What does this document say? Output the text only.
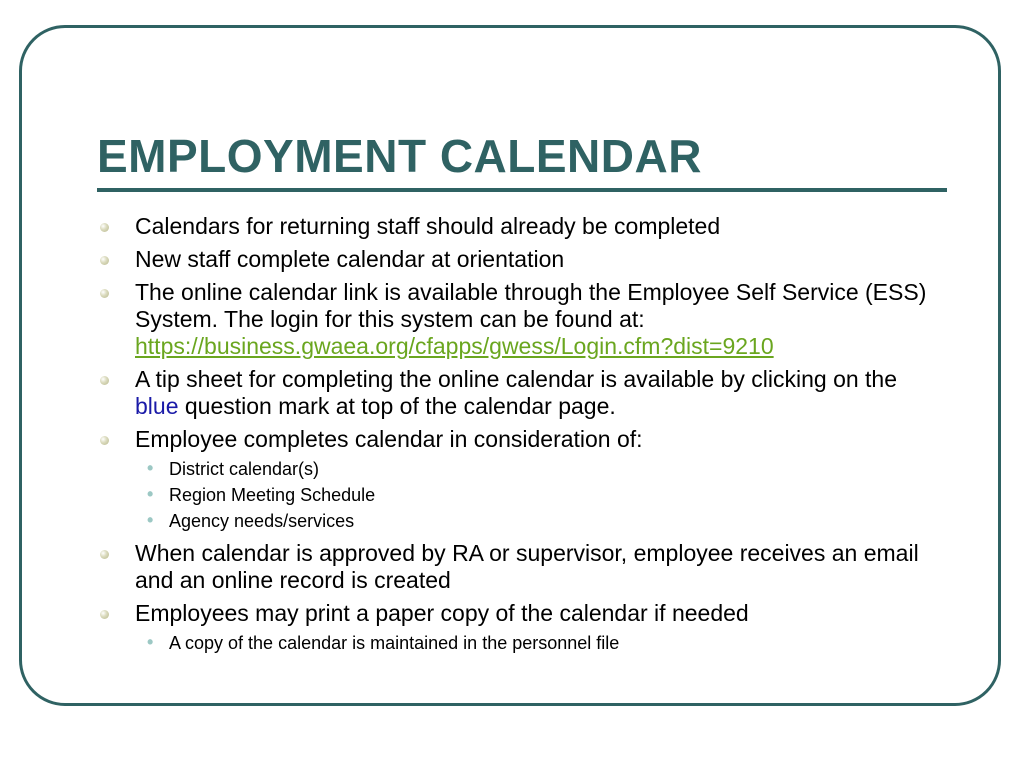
EMPLOYMENT CALENDAR
Calendars for returning staff should already be completed
New staff complete calendar at orientation
The online calendar link is available through the Employee Self Service (ESS) System. The login for this system can be found at: https://business.gwaea.org/cfapps/gwess/Login.cfm?dist=9210
A tip sheet for completing the online calendar is available by clicking on the blue question mark at top of the calendar page.
Employee completes calendar in consideration of:
• District calendar(s)
• Region Meeting Schedule
• Agency needs/services
When calendar is approved by RA or supervisor, employee receives an email and an online record is created
Employees may print a paper copy of the calendar if needed
• A copy of the calendar is maintained in the personnel file
